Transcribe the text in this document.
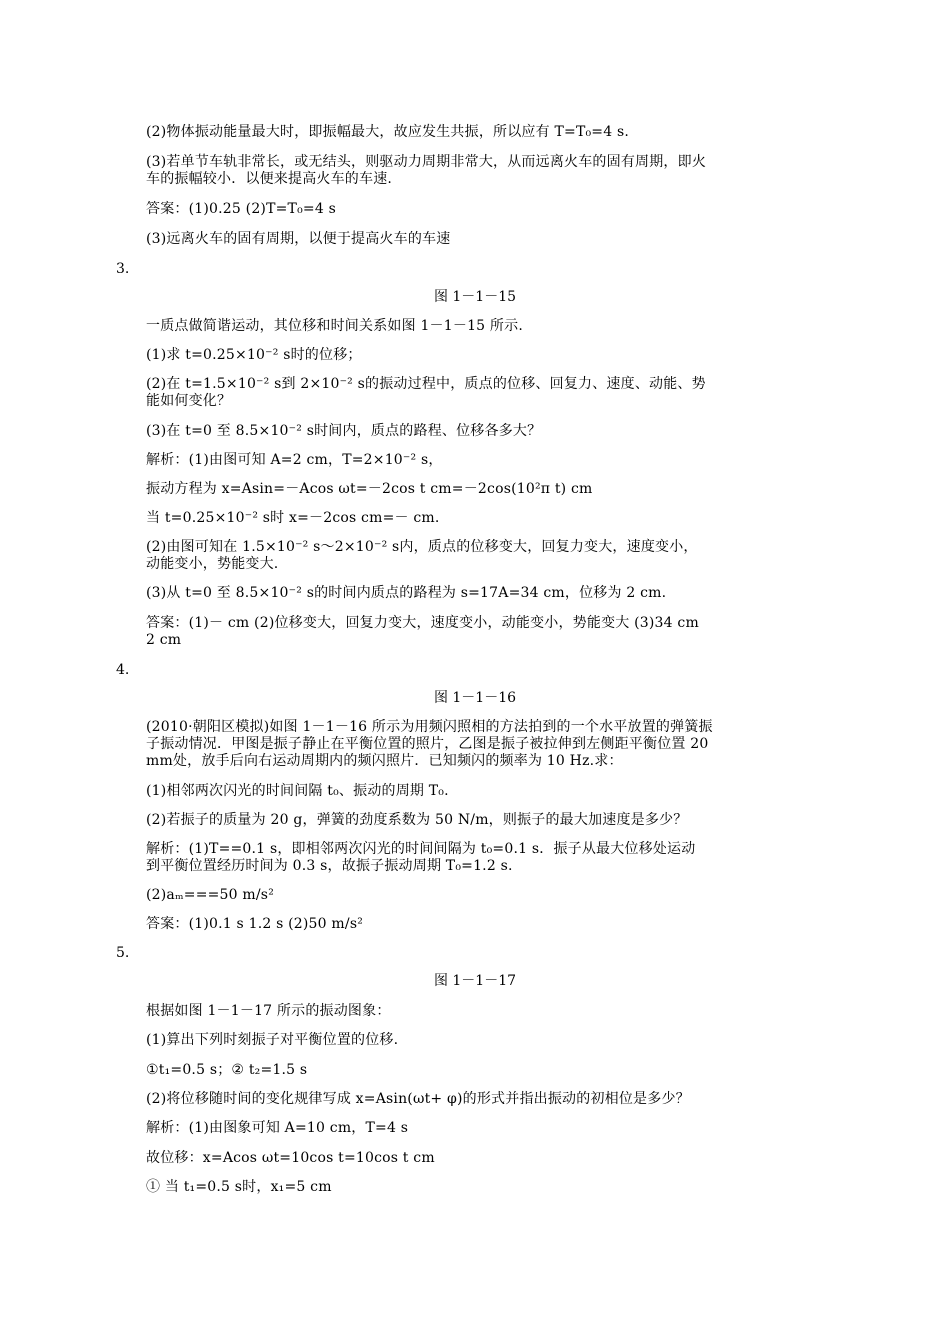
(2)物体振动能量最大时，即振幅最大，故应发生共振，所以应有 T=T₀=4 s.
(3)若单节车轨非常长，或无结头，则驱动力周期非常大，从而远离火车的固有周期，即火
车的振幅较小．以便来提高火车的车速.
答案：(1)0.25 (2)T=T₀=4 s
(3)远离火车的固有周期，以便于提高火车的车速
3.
图 1－1－15
一质点做简谐运动，其位移和时间关系如图 1－1－15 所示.
(1)求 t=0.25×10⁻² s时的位移；
(2)在 t=1.5×10⁻² s到 2×10⁻² s的振动过程中，质点的位移、回复力、速度、动能、势
能如何变化？
(3)在 t=0 至 8.5×10⁻² s时间内，质点的路程、位移各多大？
解析：(1)由图可知 A=2 cm，T=2×10⁻² s，
振动方程为 x=Asin=－Acos ωt=－2cos t cm=－2cos(10²π t) cm
当 t=0.25×10⁻² s时 x=－2cos cm=－ cm.
(2)由图可知在 1.5×10⁻² s～2×10⁻² s内，质点的位移变大，回复力变大，速度变小，
动能变小，势能变大.
(3)从 t=0 至 8.5×10⁻² s的时间内质点的路程为 s=17A=34 cm，位移为 2 cm.
答案：(1)－ cm (2)位移变大，回复力变大，速度变小，动能变小，势能变大 (3)34 cm
2 cm
4.
图 1－1－16
(2010·朝阳区模拟)如图 1－1－16 所示为用频闪照相的方法拍到的一个水平放置的弹簧振
子振动情况．甲图是振子静止在平衡位置的照片，乙图是振子被拉伸到左侧距平衡位置 20
mm处，放手后向右运动周期内的频闪照片．已知频闪的频率为 10 Hz.求：
(1)相邻两次闪光的时间间隔 t₀、振动的周期 T₀.
(2)若振子的质量为 20 g，弹簧的劲度系数为 50 N/m，则振子的最大加速度是多少？
解析：(1)T==0.1 s，即相邻两次闪光的时间间隔为 t₀=0.1 s．振子从最大位移处运动
到平衡位置经历时间为 0.3 s，故振子振动周期 T₀=1.2 s.
(2)aₘ===50 m/s²
答案：(1)0.1 s 1.2 s (2)50 m/s²
5.
图 1－1－17
根据如图 1－1－17 所示的振动图象：
(1)算出下列时刻振子对平衡位置的位移.
①t₁=0.5 s；② t₂=1.5 s
(2)将位移随时间的变化规律写成 x=Asin(ωt+ φ)的形式并指出振动的初相位是多少？
解析：(1)由图象可知 A=10 cm，T=4 s
故位移：x=Acos ωt=10cos t=10cos t cm
① 当 t₁=0.5 s时，x₁=5 cm
